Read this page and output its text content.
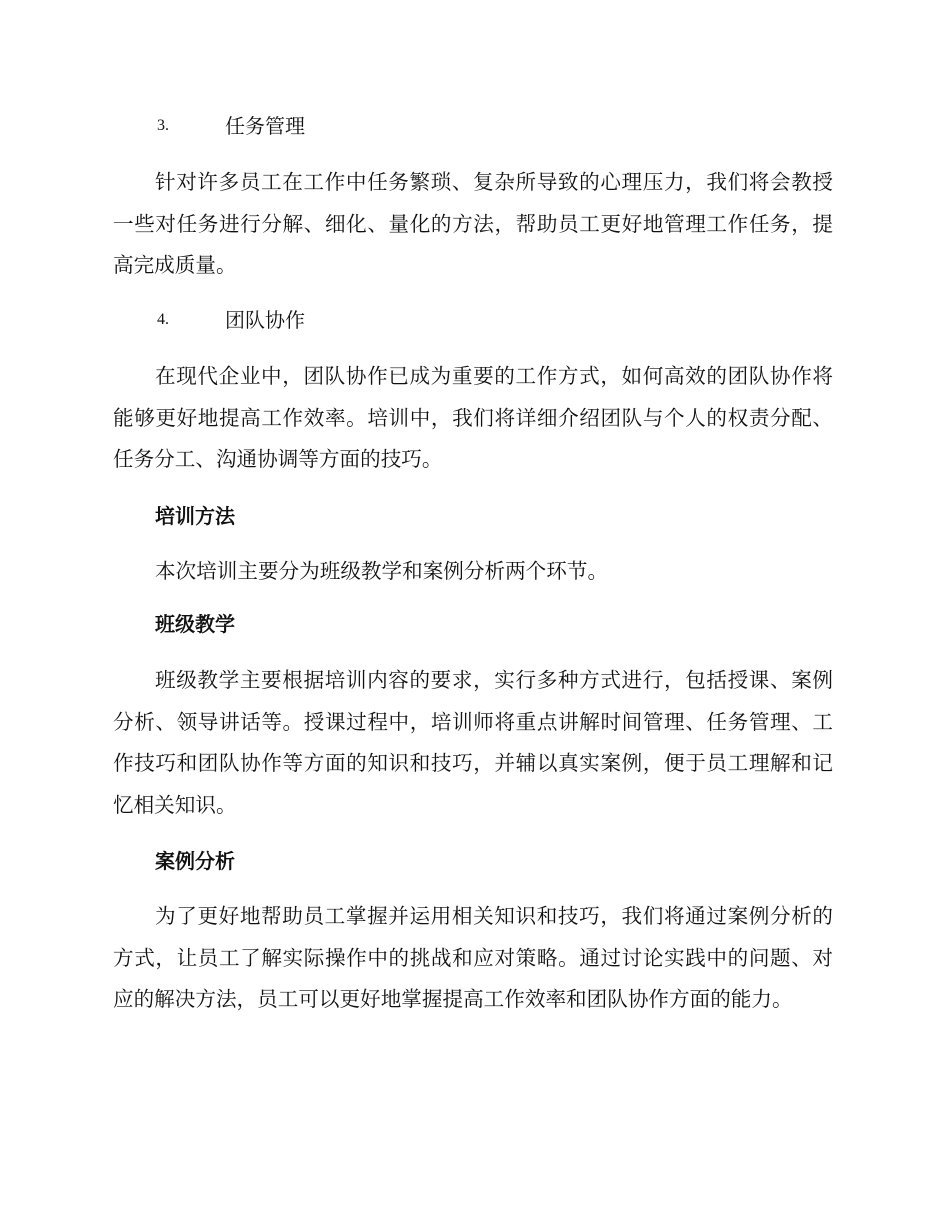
3.	任务管理

针对许多员工在工作中任务繁琐、复杂所导致的心理压力，我们将会教授一些对任务进行分解、细化、量化的方法，帮助员工更好地管理工作任务，提高完成质量。

4.	团队协作

在现代企业中，团队协作已成为重要的工作方式，如何高效的团队协作将能够更好地提高工作效率。培训中，我们将详细介绍团队与个人的权责分配、任务分工、沟通协调等方面的技巧。

培训方法

本次培训主要分为班级教学和案例分析两个环节。

班级教学

班级教学主要根据培训内容的要求，实行多种方式进行，包括授课、案例分析、领导讲话等。授课过程中，培训师将重点讲解时间管理、任务管理、工作技巧和团队协作等方面的知识和技巧，并辅以真实案例，便于员工理解和记忆相关知识。

案例分析

为了更好地帮助员工掌握并运用相关知识和技巧，我们将通过案例分析的方式，让员工了解实际操作中的挑战和应对策略。通过讨论实践中的问题、对应的解决方法，员工可以更好地掌握提高工作效率和团队协作方面的能力。
